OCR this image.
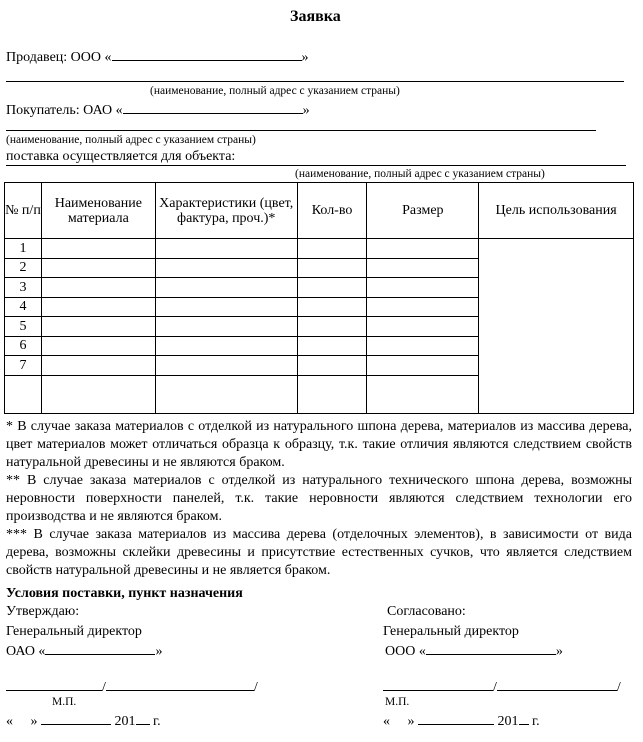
Заявка
Продавец: ООО «	»
(наименование, полный адрес с указанием страны)
Покупатель: ОАО «	»
(наименование, полный адрес с указанием страны)
поставка осуществляется для объекта:
(наименование, полный адрес с указанием страны)
№ п/п	Наименование материала	Характеристики (цвет, фактура, проч.)*	Кол-во	Размер	Цель использования
1					
2					
3					
4					
5					
6					
7					

* В случае заказа материалов с отделкой из натурального шпона дерева, материалов из массива дерева, цвет материалов может отличаться образца к образцу, т.к. такие отличия являются следствием свойств натуральной древесины и не являются браком.

** В случае заказа материалов с отделкой из натурального технического шпона дерева, возможны неровности поверхности панелей, т.к. такие неровности являются следствием технологии его производства и не являются браком.

*** В случае заказа материалов из массива дерева (отделочных элементов), в зависимости от вида дерева, возможны склейки древесины и присутствие естественных сучков, что является следствием свойств натуральной древесины и не является браком.

Условия поставки, пункт назначения
Утверждаю:
Генеральный директор
ОАО «	»
/	/
М.П.
« »	201 г.
Согласовано:
Генеральный директор
ООО «	»
/	/
М.П.
« »	201 г.
